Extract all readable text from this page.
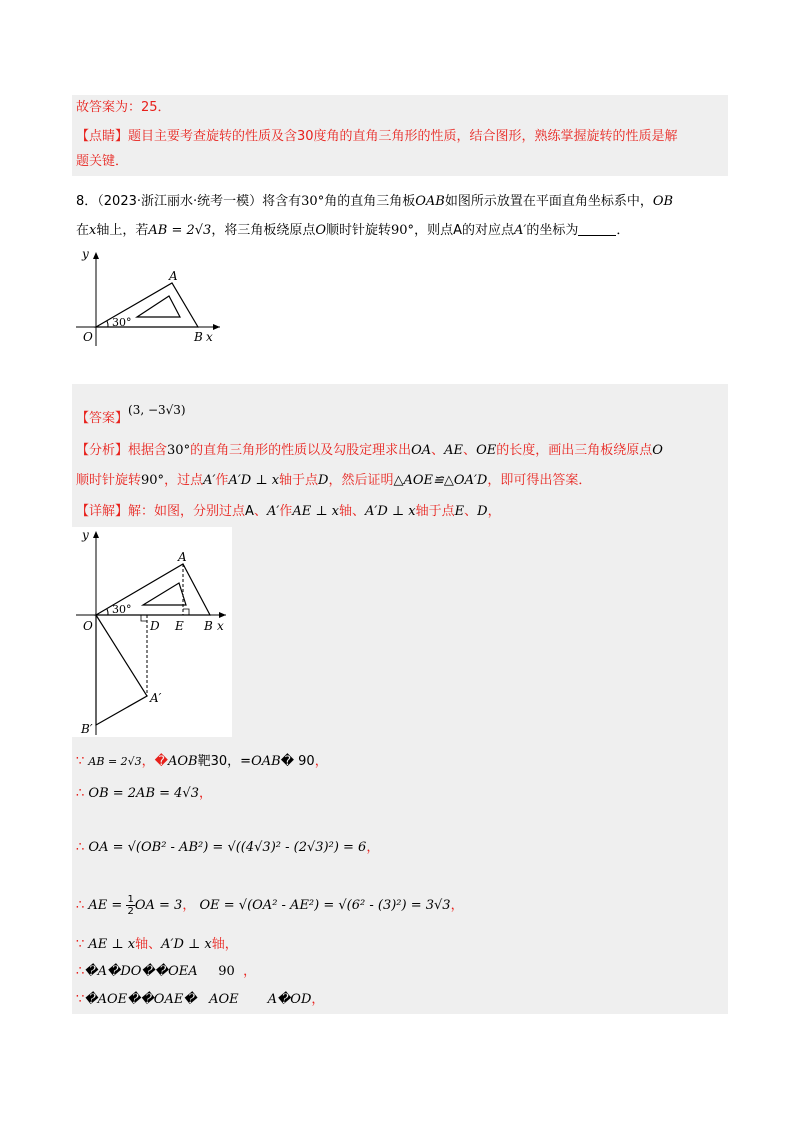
故答案为：25．
【点睛】题目主要考查旋转的性质及含30度角的直角三角形的性质，结合图形，熟练掌握旋转的性质是解
题关键．
8．（2023·浙江丽水·统考一模）将含有30°角的直角三角板OAB如图所示放置在平面直角坐标系中，OB
在x轴上，若AB = 2√3，将三角板绕原点O顺时针旋转90°，则点A的对应点A′的坐标为	．
y
A
30°
O	B x
【答案】(3, −3√3)
【分析】根据含30°的直角三角形的性质以及勾股定理求出OA、AE、OE的长度，画出三角板绕原点O
顺时针旋转90°，过点A′作A′D ⊥ x轴于点D，然后证明△AOE≌△OA′D，即可得出答案．
【详解】解：如图，分别过点A、A′作AE ⊥ x轴、A′D ⊥ x轴于点E、D，
y
A
30°
O	D E B x
A′
B′
∵ AB = 2√3，�AOB靶30，=OAB� 90，
∴ OB = 2AB = 4√3，
∴ OA = √(OB² - AB²) = √((4√3)² - (2√3)²) = 6，
∴ AE = $\frac{1}{2}$ OA = 3， OE = √(OA² - AE²) = √(6² - (3)²) = 3√3，
∵ AE ⊥ x轴、A′D ⊥ x轴，
∴�A�DO��OEA 90 ，
∵�AOE��OAE� AOE A�OD，
